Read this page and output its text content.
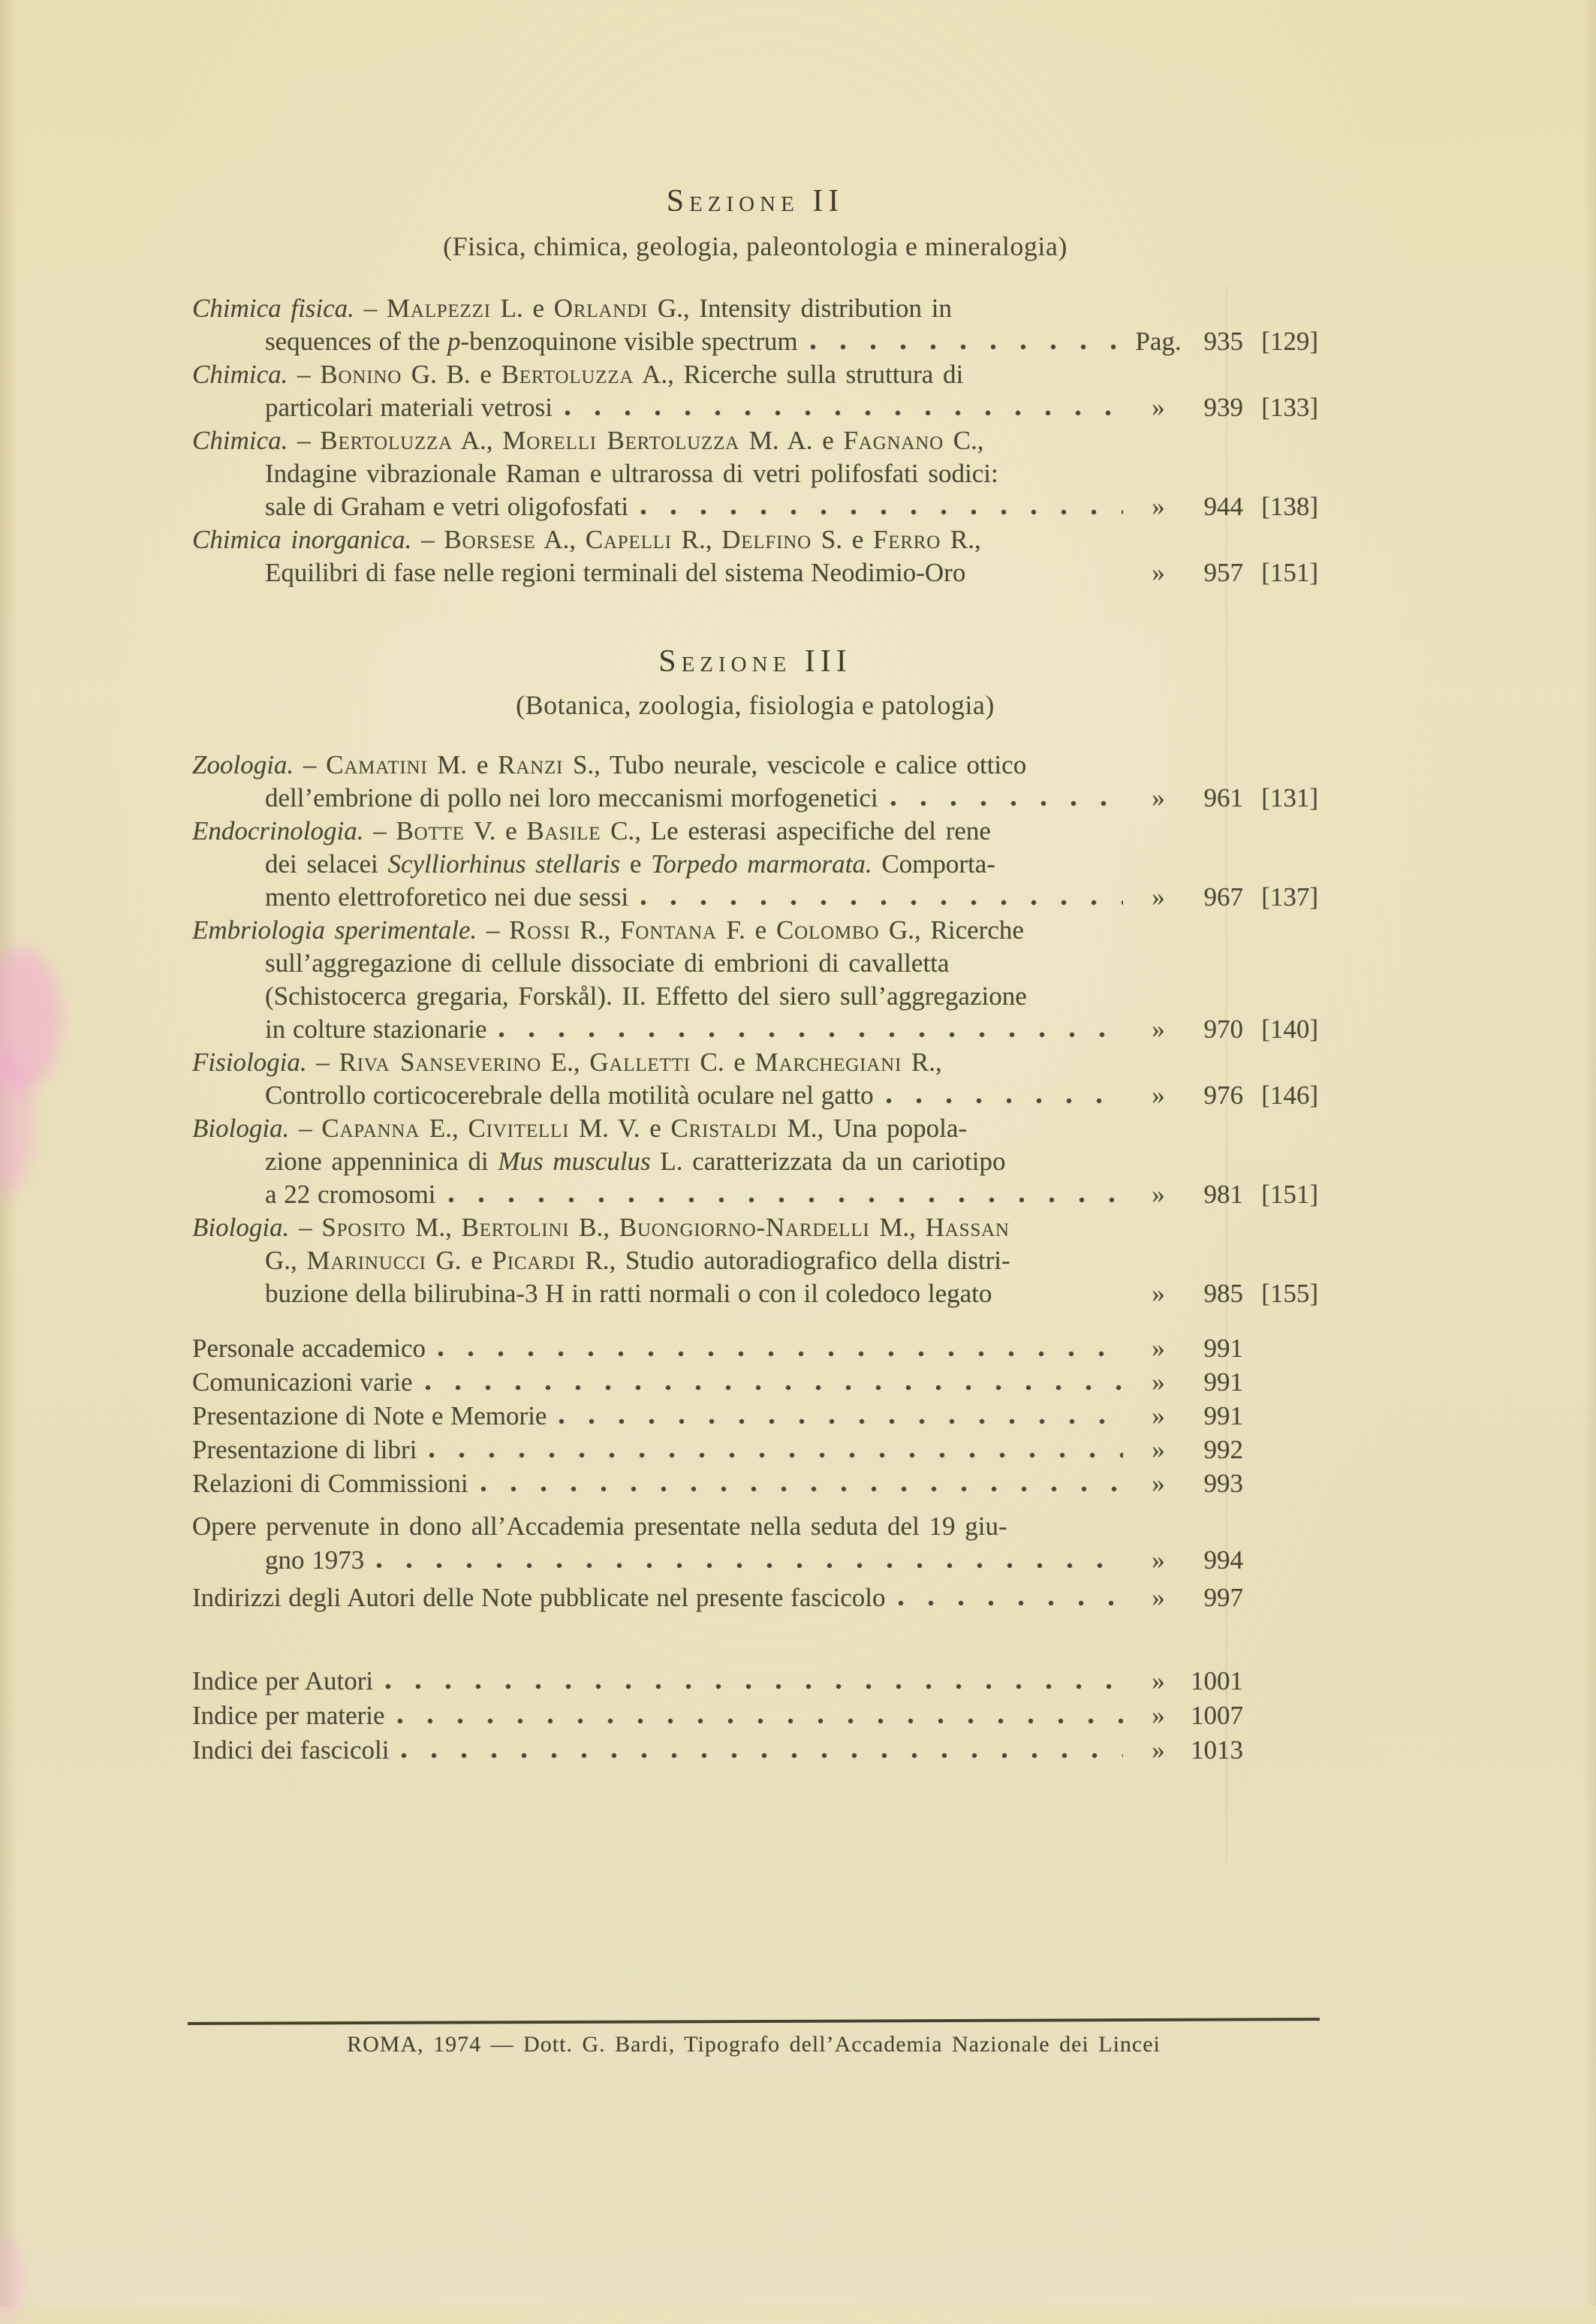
Sezione II
(Fisica, chimica, geologia, paleontologia e mineralogia)
Chimica fisica. – Malpezzi L. e Orlandi G., Intensity distribution in
sequences of the p-benzoquinone visible spectrum	Pag. 935 [129]
Chimica. – Bonino G. B. e Bertoluzza A., Ricerche sulla struttura di
particolari materiali vetrosi	»	939 [133]
Chimica. – Bertoluzza A., Morelli Bertoluzza M. A. e Fagnano C.,
Indagine vibrazionale Raman e ultrarossa di vetri polifosfati sodici:
sale di Graham e vetri oligofosfati	»	944 [138]
Chimica inorganica. – Borsese A., Capelli R., Delfino S. e Ferro R.,
Equilibri di fase nelle regioni terminali del sistema Neodimio-Oro	»	957 [151]
Sezione III
(Botanica, zoologia, fisiologia e patologia)
Zoologia. – Camatini M. e Ranzi S., Tubo neurale, vescicole e calice ottico
dell’embrione di pollo nei loro meccanismi morfogenetici	»	961 [131]
Endocrinologia. – Botte V. e Basile C., Le esterasi aspecifiche del rene
dei selacei Scylliorhinus stellaris e Torpedo marmorata. Comporta-
mento elettroforetico nei due sessi	»	967 [137]
Embriologia sperimentale. – Rossi R., Fontana F. e Colombo G., Ricerche
sull’aggregazione di cellule dissociate di embrioni di cavalletta
(Schistocerca gregaria, Forskål). II. Effetto del siero sull’aggregazione
in colture stazionarie	»	970 [140]
Fisiologia. – Riva Sanseverino E., Galletti C. e Marchegiani R.,
Controllo corticocerebrale della motilità oculare nel gatto	»	976 [146]
Biologia. – Capanna E., Civitelli M. V. e Cristaldi M., Una popola-
zione appenninica di Mus musculus L. caratterizzata da un cariotipo
a 22 cromosomi	»	981 [151]
Biologia. – Sposito M., Bertolini B., Buongiorno-Nardelli M., Hassan
G., Marinucci G. e Picardi R., Studio autoradiografico della distri-
buzione della bilirubina-3 H in ratti normali o con il coledoco legato	»	985 [155]
Personale accademico	»	991
Comunicazioni varie	»	991
Presentazione di Note e Memorie	»	991
Presentazione di libri	»	992
Relazioni di Commissioni	»	993
Opere pervenute in dono all’Accademia presentate nella seduta del 19 giu-
gno 1973	»	994
Indirizzi degli Autori delle Note pubblicate nel presente fascicolo	»	997
Indice per Autori	» 1001
Indice per materie	» 1007
Indici dei fascicoli	» 1013
ROMA, 1974 — Dott. G. Bardi, Tipografo dell’Accademia Nazionale dei Lincei
